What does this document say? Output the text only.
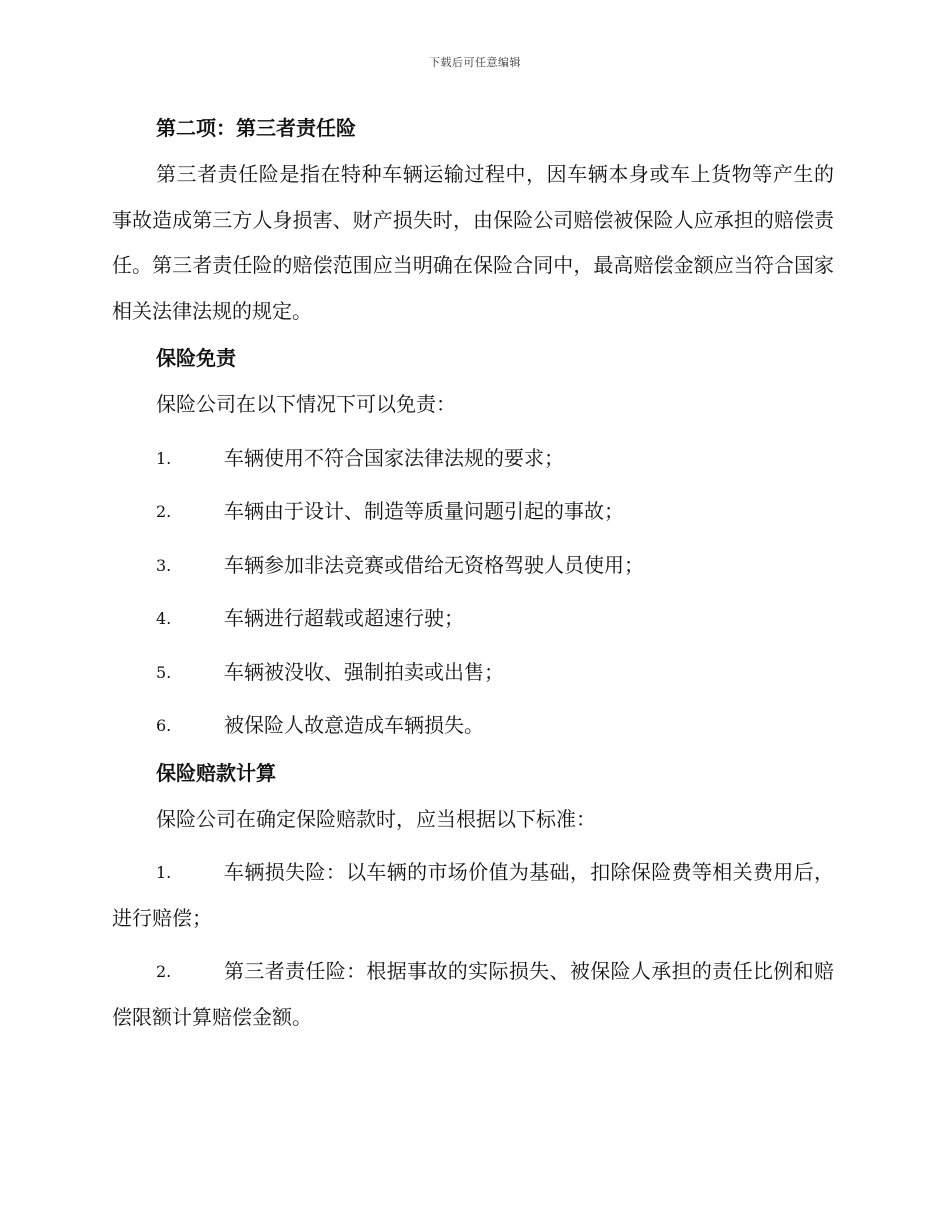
下载后可任意编辑
第二项：第三者责任险

第三者责任险是指在特种车辆运输过程中，因车辆本身或车上货物等产生的事故造成第三方人身损害、财产损失时，由保险公司赔偿被保险人应承担的赔偿责任。第三者责任险的赔偿范围应当明确在保险合同中，最高赔偿金额应当符合国家相关法律法规的规定。

保险免责

保险公司在以下情况下可以免责：

1.	车辆使用不符合国家法律法规的要求；

2.	车辆由于设计、制造等质量问题引起的事故；

3.	车辆参加非法竞赛或借给无资格驾驶人员使用；

4.	车辆进行超载或超速行驶；

5.	车辆被没收、强制拍卖或出售；

6.	被保险人故意造成车辆损失。

保险赔款计算

保险公司在确定保险赔款时，应当根据以下标准：

1.	车辆损失险：以车辆的市场价值为基础，扣除保险费等相关费用后，进行赔偿；

2.	第三者责任险：根据事故的实际损失、被保险人承担的责任比例和赔偿限额计算赔偿金额。
